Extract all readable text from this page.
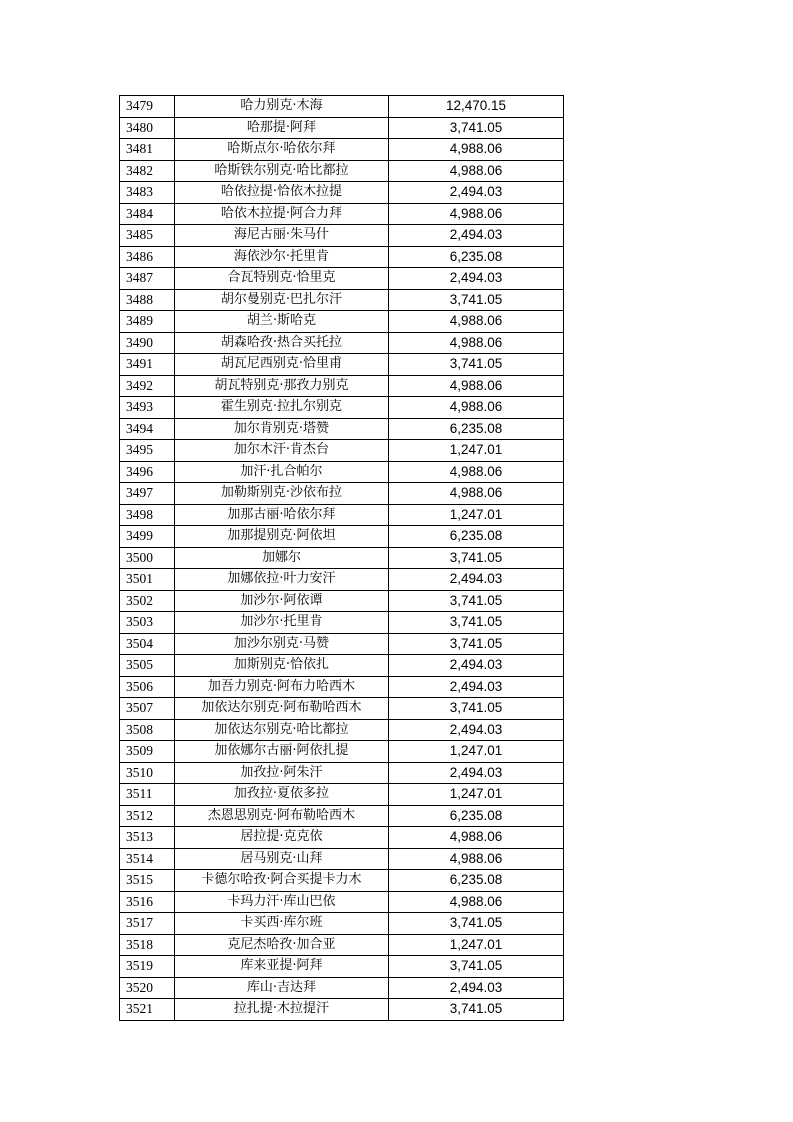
3479	哈力别克·木海	12,470.15
3480	哈那提·阿拜	3,741.05
3481	哈斯点尔·哈依尔拜	4,988.06
3482	哈斯铁尔别克·哈比都拉	4,988.06
3483	哈依拉提·恰依木拉提	2,494.03
3484	哈依木拉提·阿合力拜	4,988.06
3485	海尼古丽·朱马什	2,494.03
3486	海依沙尔·托里肯	6,235.08
3487	合瓦特别克·恰里克	2,494.03
3488	胡尔曼别克·巴扎尔汗	3,741.05
3489	胡兰·斯哈克	4,988.06
3490	胡森哈孜·热合买托拉	4,988.06
3491	胡瓦尼西别克·恰里甫	3,741.05
3492	胡瓦特别克·那孜力别克	4,988.06
3493	霍生别克·拉扎尔别克	4,988.06
3494	加尔肯别克·塔赞	6,235.08
3495	加尔木汗·肯杰台	1,247.01
3496	加汗·扎合帕尔	4,988.06
3497	加勒斯别克·沙依布拉	4,988.06
3498	加那古丽·哈依尔拜	1,247.01
3499	加那提别克·阿依坦	6,235.08
3500	加娜尔	3,741.05
3501	加娜依拉·叶力安汗	2,494.03
3502	加沙尔·阿依谭	3,741.05
3503	加沙尔·托里肯	3,741.05
3504	加沙尔别克·马赞	3,741.05
3505	加斯别克·恰依扎	2,494.03
3506	加吾力别克·阿布力哈西木	2,494.03
3507	加依达尔别克·阿布勒哈西木	3,741.05
3508	加依达尔别克·哈比都拉	2,494.03
3509	加依娜尔古丽·阿依扎提	1,247.01
3510	加孜拉·阿朱汗	2,494.03
3511	加孜拉·夏依多拉	1,247.01
3512	杰恩思别克·阿布勒哈西木	6,235.08
3513	居拉提·克克依	4,988.06
3514	居马别克·山拜	4,988.06
3515	卡德尔哈孜·阿合买提卡力木	6,235.08
3516	卡玛力汗·库山巴依	4,988.06
3517	卡买西·库尔班	3,741.05
3518	克尼杰哈孜·加合亚	1,247.01
3519	库来亚提·阿拜	3,741.05
3520	库山·吉达拜	2,494.03
3521	拉扎提·木拉提汗	3,741.05
